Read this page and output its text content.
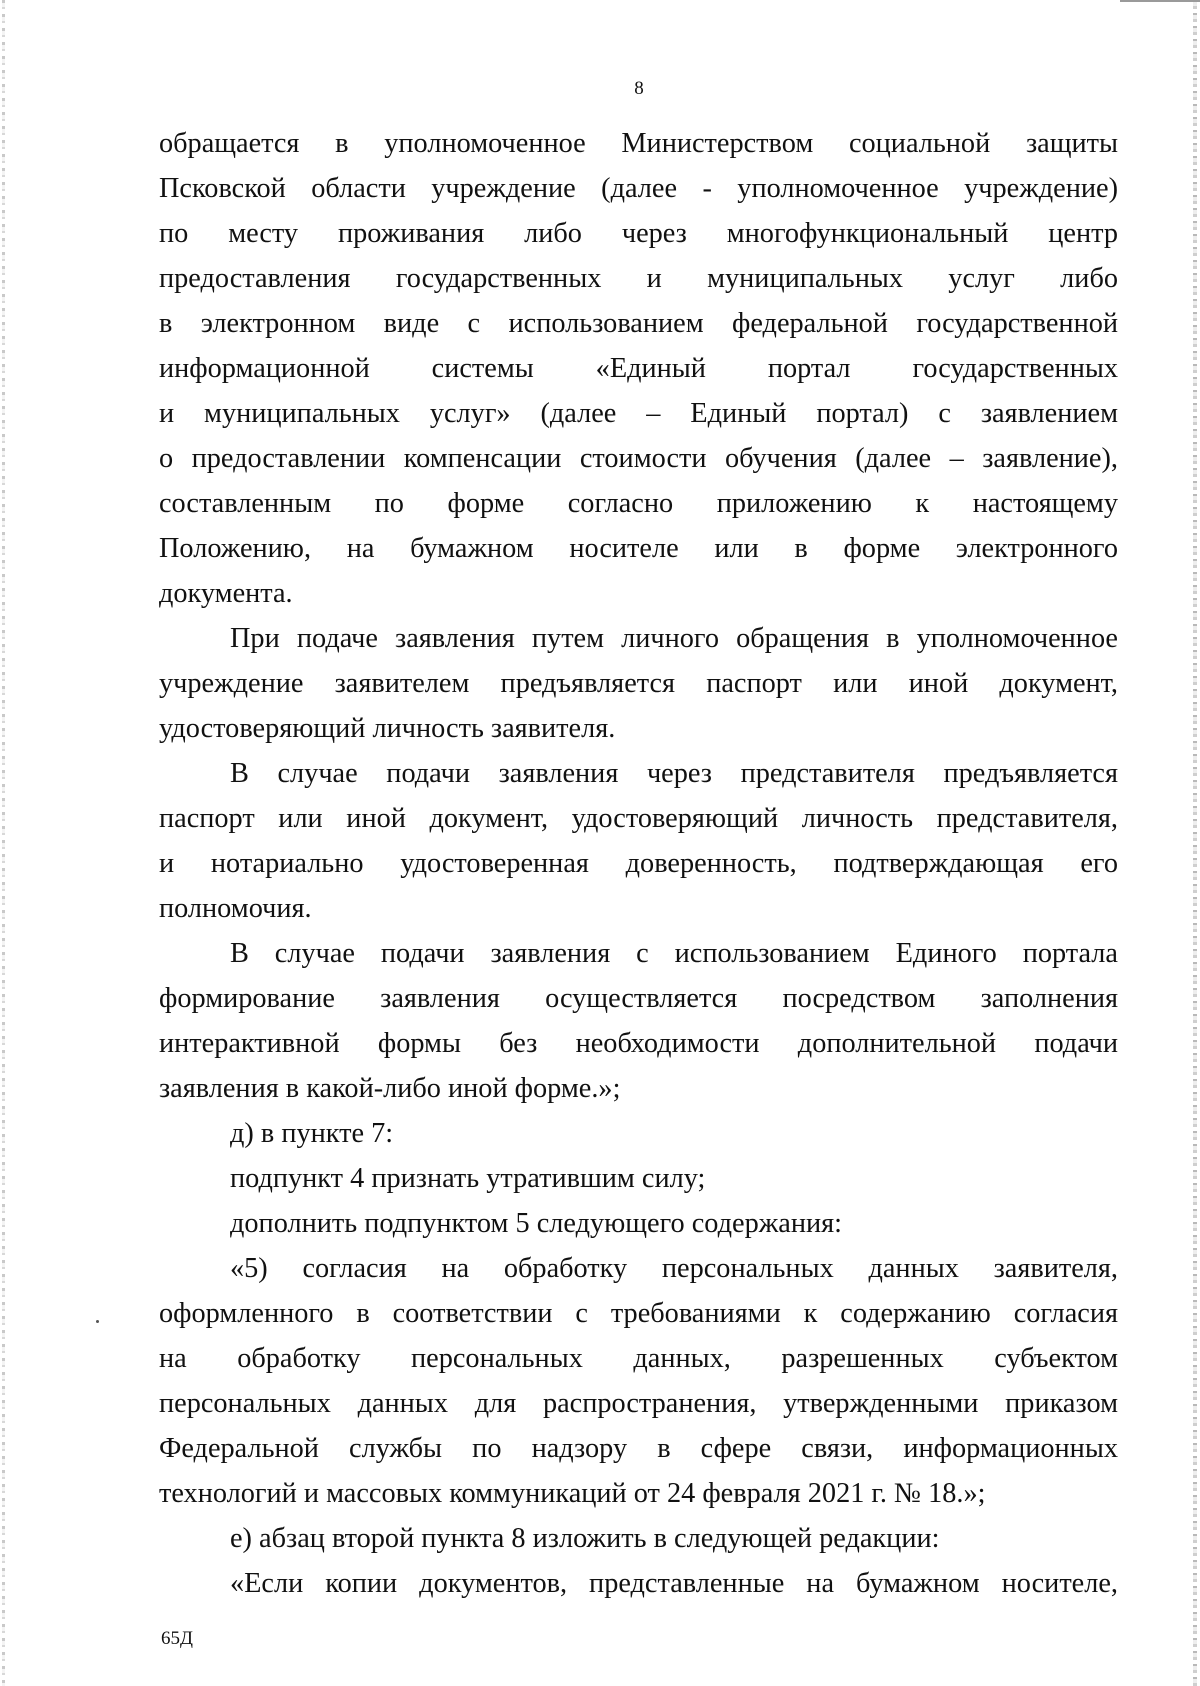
8

обращается в уполномоченное Министерством социальной защиты
Псковской области учреждение (далее - уполномоченное учреждение)
по месту проживания либо через многофункциональный центр
предоставления государственных и муниципальных услуг либо
в электронном виде с использованием федеральной государственной
информационной системы «Единый портал государственных
и муниципальных услуг» (далее – Единый портал) с заявлением
о предоставлении компенсации стоимости обучения (далее – заявление),
составленным по форме согласно приложению к настоящему
Положению, на бумажном носителе или в форме электронного
документа.

При подаче заявления путем личного обращения в уполномоченное
учреждение заявителем предъявляется паспорт или иной документ,
удостоверяющий личность заявителя.

В случае подачи заявления через представителя предъявляется
паспорт или иной документ, удостоверяющий личность представителя,
и нотариально удостоверенная доверенность, подтверждающая его
полномочия.

В случае подачи заявления с использованием Единого портала
формирование заявления осуществляется посредством заполнения
интерактивной формы без необходимости дополнительной подачи
заявления в какой-либо иной форме.»;

д) в пункте 7:

подпункт 4 признать утратившим силу;

дополнить подпунктом 5 следующего содержания:

«5) согласия на обработку персональных данных заявителя,
оформленного в соответствии с требованиями к содержанию согласия
на обработку персональных данных, разрешенных субъектом
персональных данных для распространения, утвержденными приказом
Федеральной службы по надзору в сфере связи, информационных
технологий и массовых коммуникаций от 24 февраля 2021 г. № 18.»;

е) абзац второй пункта 8 изложить в следующей редакции:

«Если копии документов, представленные на бумажном носителе,

65Д
